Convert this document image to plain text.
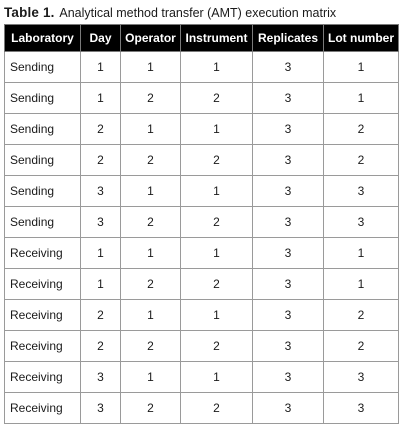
Table 1. Analytical method transfer (AMT) execution matrix
Laboratory	Day	Operator	Instrument	Replicates	Lot number
Sending	1	1	1	3	1
Sending	1	2	2	3	1
Sending	2	1	1	3	2
Sending	2	2	2	3	2
Sending	3	1	1	3	3
Sending	3	2	2	3	3
Receiving	1	1	1	3	1
Receiving	1	2	2	3	1
Receiving	2	1	1	3	2
Receiving	2	2	2	3	2
Receiving	3	1	1	3	3
Receiving	3	2	2	3	3
